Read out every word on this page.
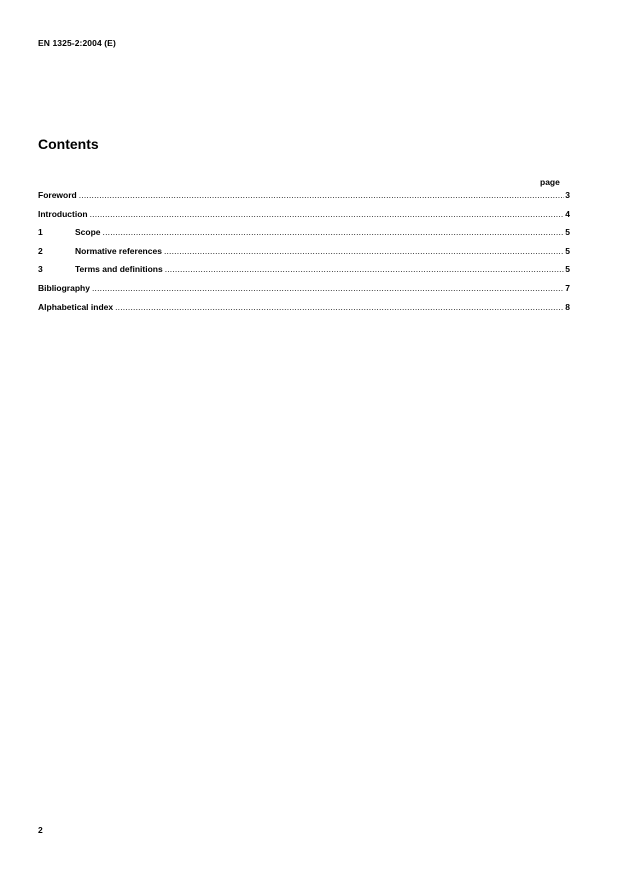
EN 1325-2:2004 (E)
Contents
page
Foreword .....	3
Introduction .....	4
1	Scope .....	5
2	Normative references .....	5
3	Terms and definitions .....	5
Bibliography .....	7
Alphabetical index .....	8
2
